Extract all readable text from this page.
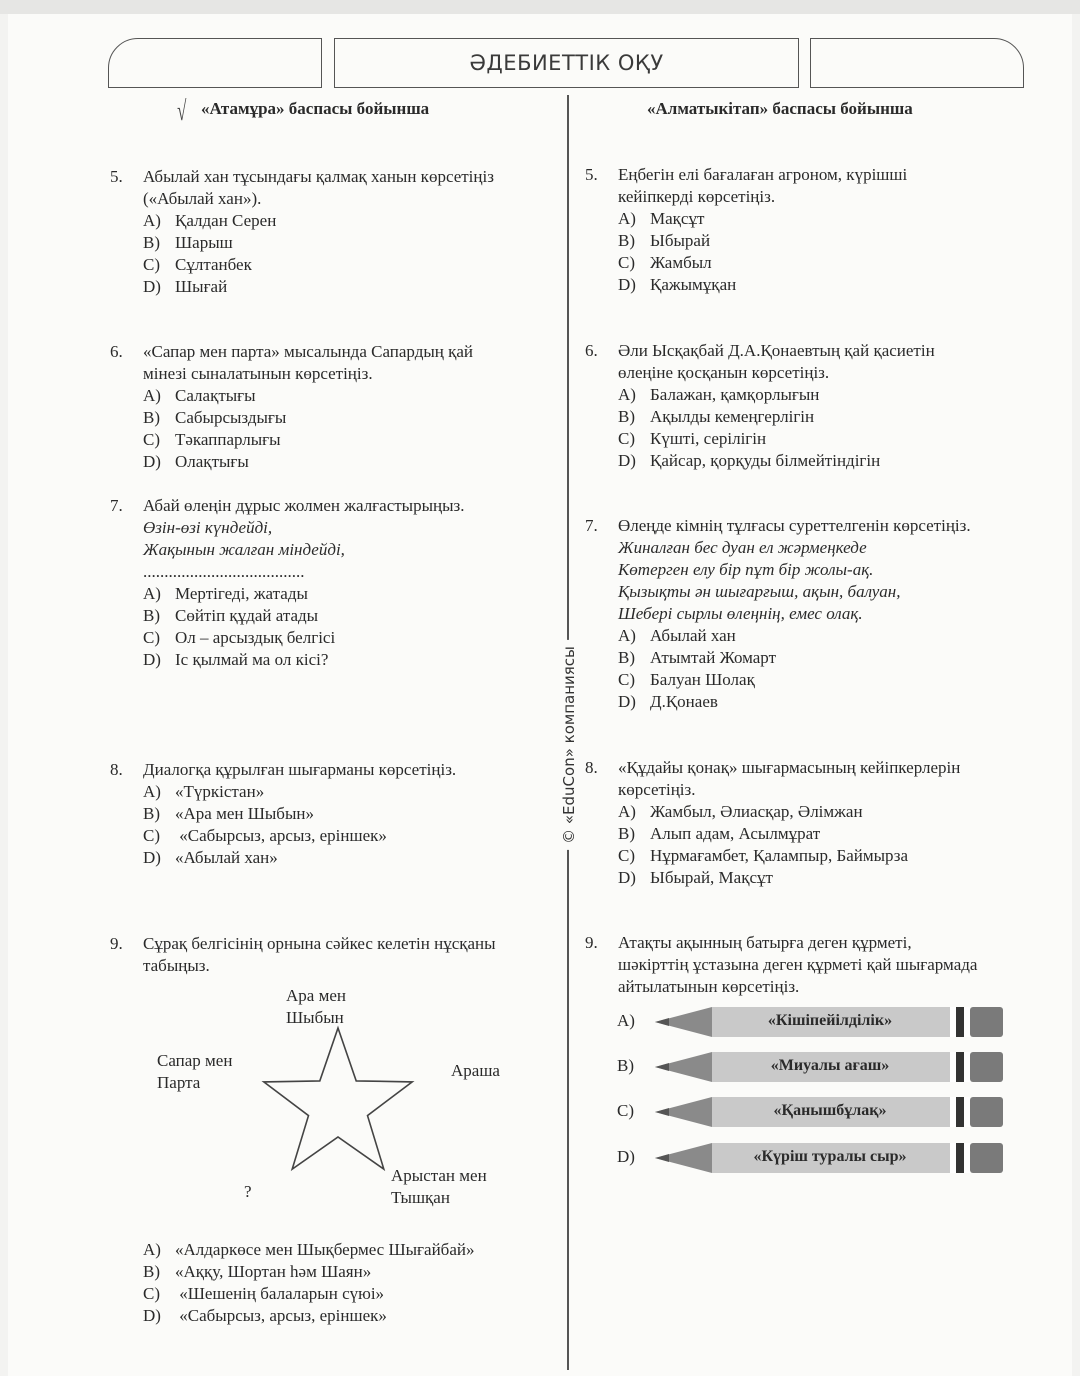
ӘДЕБИЕТТІК ОҚУ
√ «Атамұра» баспасы бойынша	«Алматыкітап» баспасы бойынша
© «EduCon» компаниясы
5. Абылай хан тұсындағы қалмақ ханын көрсетіңіз
(«Абылай хан»).
A) Қалдан Серен
B) Шарыш
C) Сұлтанбек
D) Шығай
6. «Сапар мен парта» мысалында Сапардың қай
мінезі сыналатынын көрсетіңіз.
A) Салақтығы
B) Сабырсыздығы
C) Тәкаппарлығы
D) Олақтығы
7. Абай өлеңін дұрыс жолмен жалғастырыңыз.
Өзін-өзі күндейді,
Жақынын жалған міндейді,
......................................
A) Мертігеді, жатады
B) Сөйтіп құдай атады
C) Ол – арсыздық белгісі
D) Іс қылмай ма ол кісі?
8. Диалогқа құрылған шығарманы көрсетіңіз.
A) «Түркістан»
B) «Ара мен Шыбын»
C) «Сабырсыз, арсыз, еріншек»
D) «Абылай хан»
9. Сұрақ белгісінің орнына сәйкес келетін нұсқаны
табыңыз.
5. Еңбегін елі бағалаған агроном, күрішші
кейіпкерді көрсетіңіз.
A) Мақсұт
B) Ыбырай
C) Жамбыл
D) Қажымұқан
6. Әли Ысқақбай Д.А.Қонаевтың қай қасиетін
өлеңіне қосқанын көрсетіңіз.
A) Балажан, қамқорлығын
B) Ақылды кемеңгерлігін
C) Күшті, серілігін
D) Қайсар, қорқуды білмейтіндігін
7. Өлеңде кімнің тұлғасы суреттелгенін көрсетіңіз.
Жиналған бес дуан ел жәрмеңкеде
Көтерген елу бір пұт бір жолы-ақ.
Қызықты ән шығарғыш, ақын, балуан,
Шебері сырлы өлеңнің, емес олақ.
A) Абылай хан
B) Атымтай Жомарт
C) Балуан Шолақ
D) Д.Қонаев
8. «Құдайы қонақ» шығармасының кейіпкерлерін
көрсетіңіз.
A) Жамбыл, Әлиасқар, Әлімжан
B) Алып адам, Асылмұрат
C) Нұрмағамбет, Қалампыр, Баймырза
D) Ыбырай, Мақсұт
9. Атақты ақынның батырға деген құрметі,
шәкірттің ұстазына деген құрметі қай шығармада
айтылатынын көрсетіңіз.
A) «Алдаркөсе мен Шықбермес Шығайбай»
B) «Аққу, Шортан һәм Шаян»
C) «Шешенің балаларын сүюі»
D) «Сабырсыз, арсыз, еріншек»
Ара мен
Шыбын
Сапар мен
Парта
Араша
Арыстан мен
Тышқан
?
A)	«Кішіпейілділік»
B)	«Миуалы ағаш»
C)	«Қанышбұлақ»
D)	«Күріш туралы сыр»
